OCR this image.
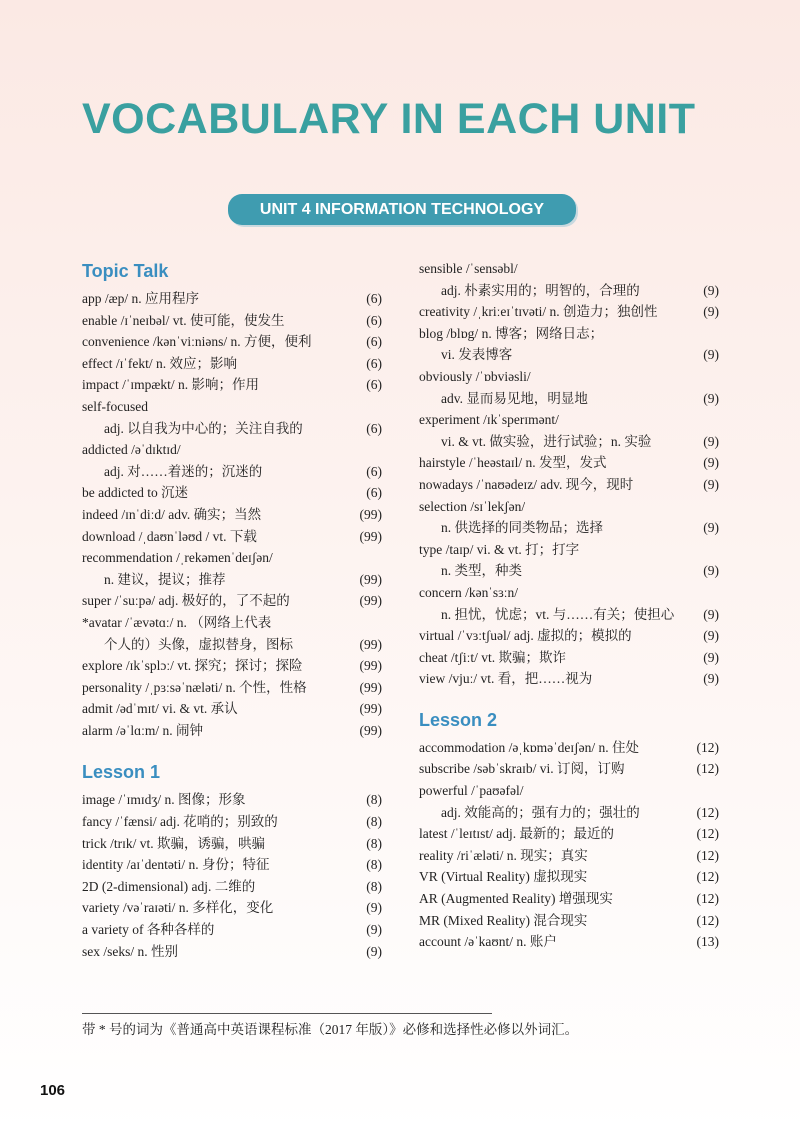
VOCABULARY IN EACH UNIT
UNIT 4 INFORMATION TECHNOLOGY
Topic Talk
app /æp/ n. 应用程序	(6)
enable /ɪˈneɪbəl/ vt. 使可能，使发生	(6)
convenience /kənˈviːniəns/ n. 方便，便利	(6)
effect /ɪˈfekt/ n. 效应；影响	(6)
impact /ˈɪmpækt/ n. 影响；作用	(6)
self-focused
adj. 以自我为中心的；关注自我的	(6)
addicted /əˈdɪktɪd/
adj. 对……着迷的；沉迷的	(6)
be addicted to 沉迷	(6)
indeed /ɪnˈdiːd/ adv. 确实；当然	(99)
download /ˌdaʊnˈləʊd / vt. 下载	(99)
recommendation /ˌrekəmenˈdeɪʃən/
n. 建议，提议；推荐	(99)
super /ˈsuːpə/ adj. 极好的，了不起的	(99)
*avatar /ˈævətɑː/ n. （网络上代表
个人的）头像，虚拟替身，图标	(99)
explore /ɪkˈsplɔː/ vt. 探究；探讨；探险	(99)
personality /ˌpɜːsəˈnæləti/ n. 个性，性格	(99)
admit /ədˈmɪt/ vi. & vt. 承认	(99)
alarm /əˈlɑːm/ n. 闹钟	(99)
Lesson 1
image /ˈɪmɪdʒ/ n. 图像；形象	(8)
fancy /ˈfænsi/ adj. 花哨的；别致的	(8)
trick /trɪk/ vt. 欺骗，诱骗，哄骗	(8)
identity /aɪˈdentəti/ n. 身份；特征	(8)
2D (2-dimensional) adj. 二维的	(8)
variety /vəˈraɪəti/ n. 多样化，变化	(9)
a variety of 各种各样的	(9)
sex /seks/ n. 性别	(9)
sensible /ˈsensəbl/
adj. 朴素实用的；明智的，合理的	(9)
creativity /ˌkriːeɪˈtɪvəti/ n. 创造力；独创性	(9)
blog /blɒg/ n. 博客；网络日志；
vi. 发表博客	(9)
obviously /ˈɒbviəsli/
adv. 显而易见地，明显地	(9)
experiment /ɪkˈsperɪmənt/
vi. & vt. 做实验，进行试验；n. 实验	(9)
hairstyle /ˈheəstaɪl/ n. 发型，发式	(9)
nowadays /ˈnaʊədeɪz/ adv. 现今，现时	(9)
selection /sɪˈlekʃən/
n. 供选择的同类物品；选择	(9)
type /taɪp/ vi. & vt. 打；打字
n. 类型，种类	(9)
concern /kənˈsɜːn/
n. 担忧，忧虑；vt. 与……有关；使担心 (9)
virtual /ˈvɜːtʃuəl/ adj. 虚拟的；模拟的	(9)
cheat /tʃiːt/ vt. 欺骗；欺诈	(9)
view /vjuː/ vt. 看，把……视为	(9)
Lesson 2
accommodation /əˌkɒməˈdeɪʃən/ n. 住处	(12)
subscribe /səbˈskraɪb/ vi. 订阅，订购	(12)
powerful /ˈpaʊəfəl/
adj. 效能高的；强有力的；强壮的	(12)
latest /ˈleɪtɪst/ adj. 最新的；最近的	(12)
reality /riˈæləti/ n. 现实；真实	(12)
VR (Virtual Reality) 虚拟现实	(12)
AR (Augmented Reality) 增强现实	(12)
MR (Mixed Reality) 混合现实	(12)
account /əˈkaʊnt/ n. 账户	(13)
带 * 号的词为《普通高中英语课程标准（2017 年版）》必修和选择性必修以外词汇。
106
